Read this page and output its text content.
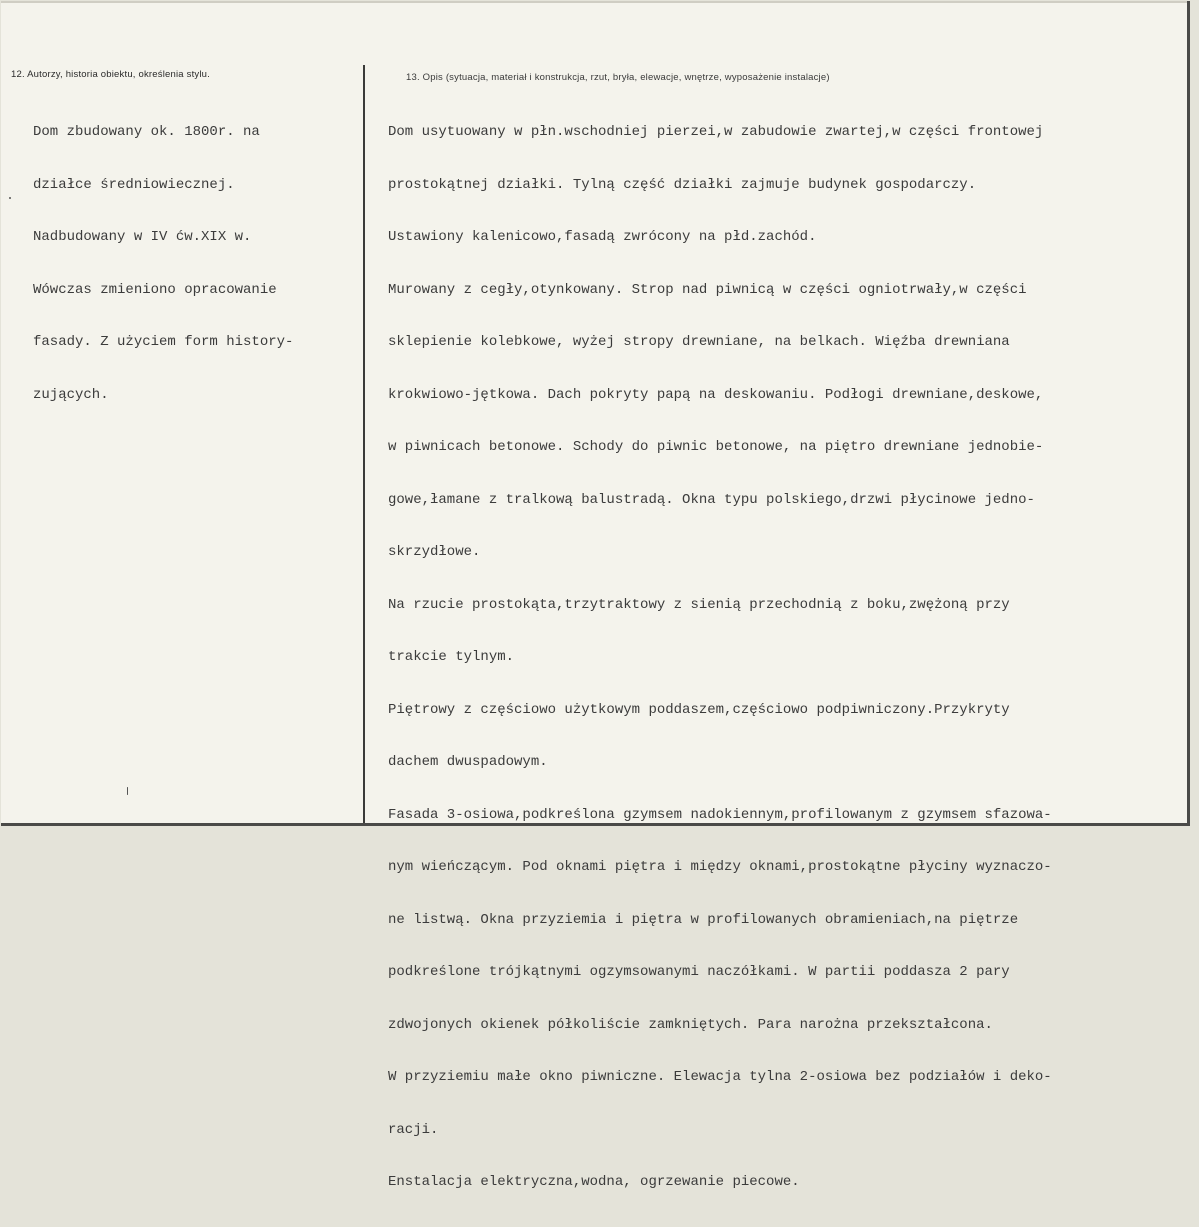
12. Autorzy, historia obiektu, określenia stylu.	13. Opis (sytuacja, materiał i konstrukcja, rzut, bryła, elewacje, wnętrze, wyposażenie instalacje)

Dom zbudowany ok. 1800r. na

działce średniowiecznej.

Nadbudowany w IV ćw.XIX w.

Wówczas zmieniono opracowanie

fasady. Z użyciem form history-

zujących.

Dom usytuowany w płn.wschodniej pierzei,w zabudowie zwartej,w części frontowej

prostokątnej działki. Tylną część działki zajmuje budynek gospodarczy.

Ustawiony kalenicowo,fasadą zwrócony na płd.zachód.

Murowany z cegły,otynkowany. Strop nad piwnicą w części ogniotrwały,w części

sklepienie kolebkowe, wyżej stropy drewniane, na belkach. Więźba drewniana

krokwiowo-jętkowa. Dach pokryty papą na deskowaniu. Podłogi drewniane,deskowe,

w piwnicach betonowe. Schody do piwnic betonowe, na piętro drewniane jednobie-

gowe,łamane z tralkową balustradą. Okna typu polskiego,drzwi płycinowe jedno-

skrzydłowe.

Na rzucie prostokąta,trzytraktowy z sienią przechodnią z boku,zwężoną przy

trakcie tylnym.

Piętrowy z częściowo użytkowym poddaszem,częściowo podpiwniczony.Przykryty

dachem dwuspadowym.

Fasada 3-osiowa,podkreślona gzymsem nadokiennym,profilowanym z gzymsem sfazowa-

nym wieńczącym. Pod oknami piętra i między oknami,prostokątne płyciny wyznaczo-

ne listwą. Okna przyziemia i piętra w profilowanych obramieniach,na piętrze

podkreślone trójkątnymi ogzymsowanymi naczółkami. W partii poddasza 2 pary

zdwojonych okienek półkoliście zamkniętych. Para narożna przekształcona.

W przyziemiu małe okno piwniczne. Elewacja tylna 2-osiowa bez podziałów i deko-

racji.

Enstalacja elektryczna,wodna, ogrzewanie piecowe.
